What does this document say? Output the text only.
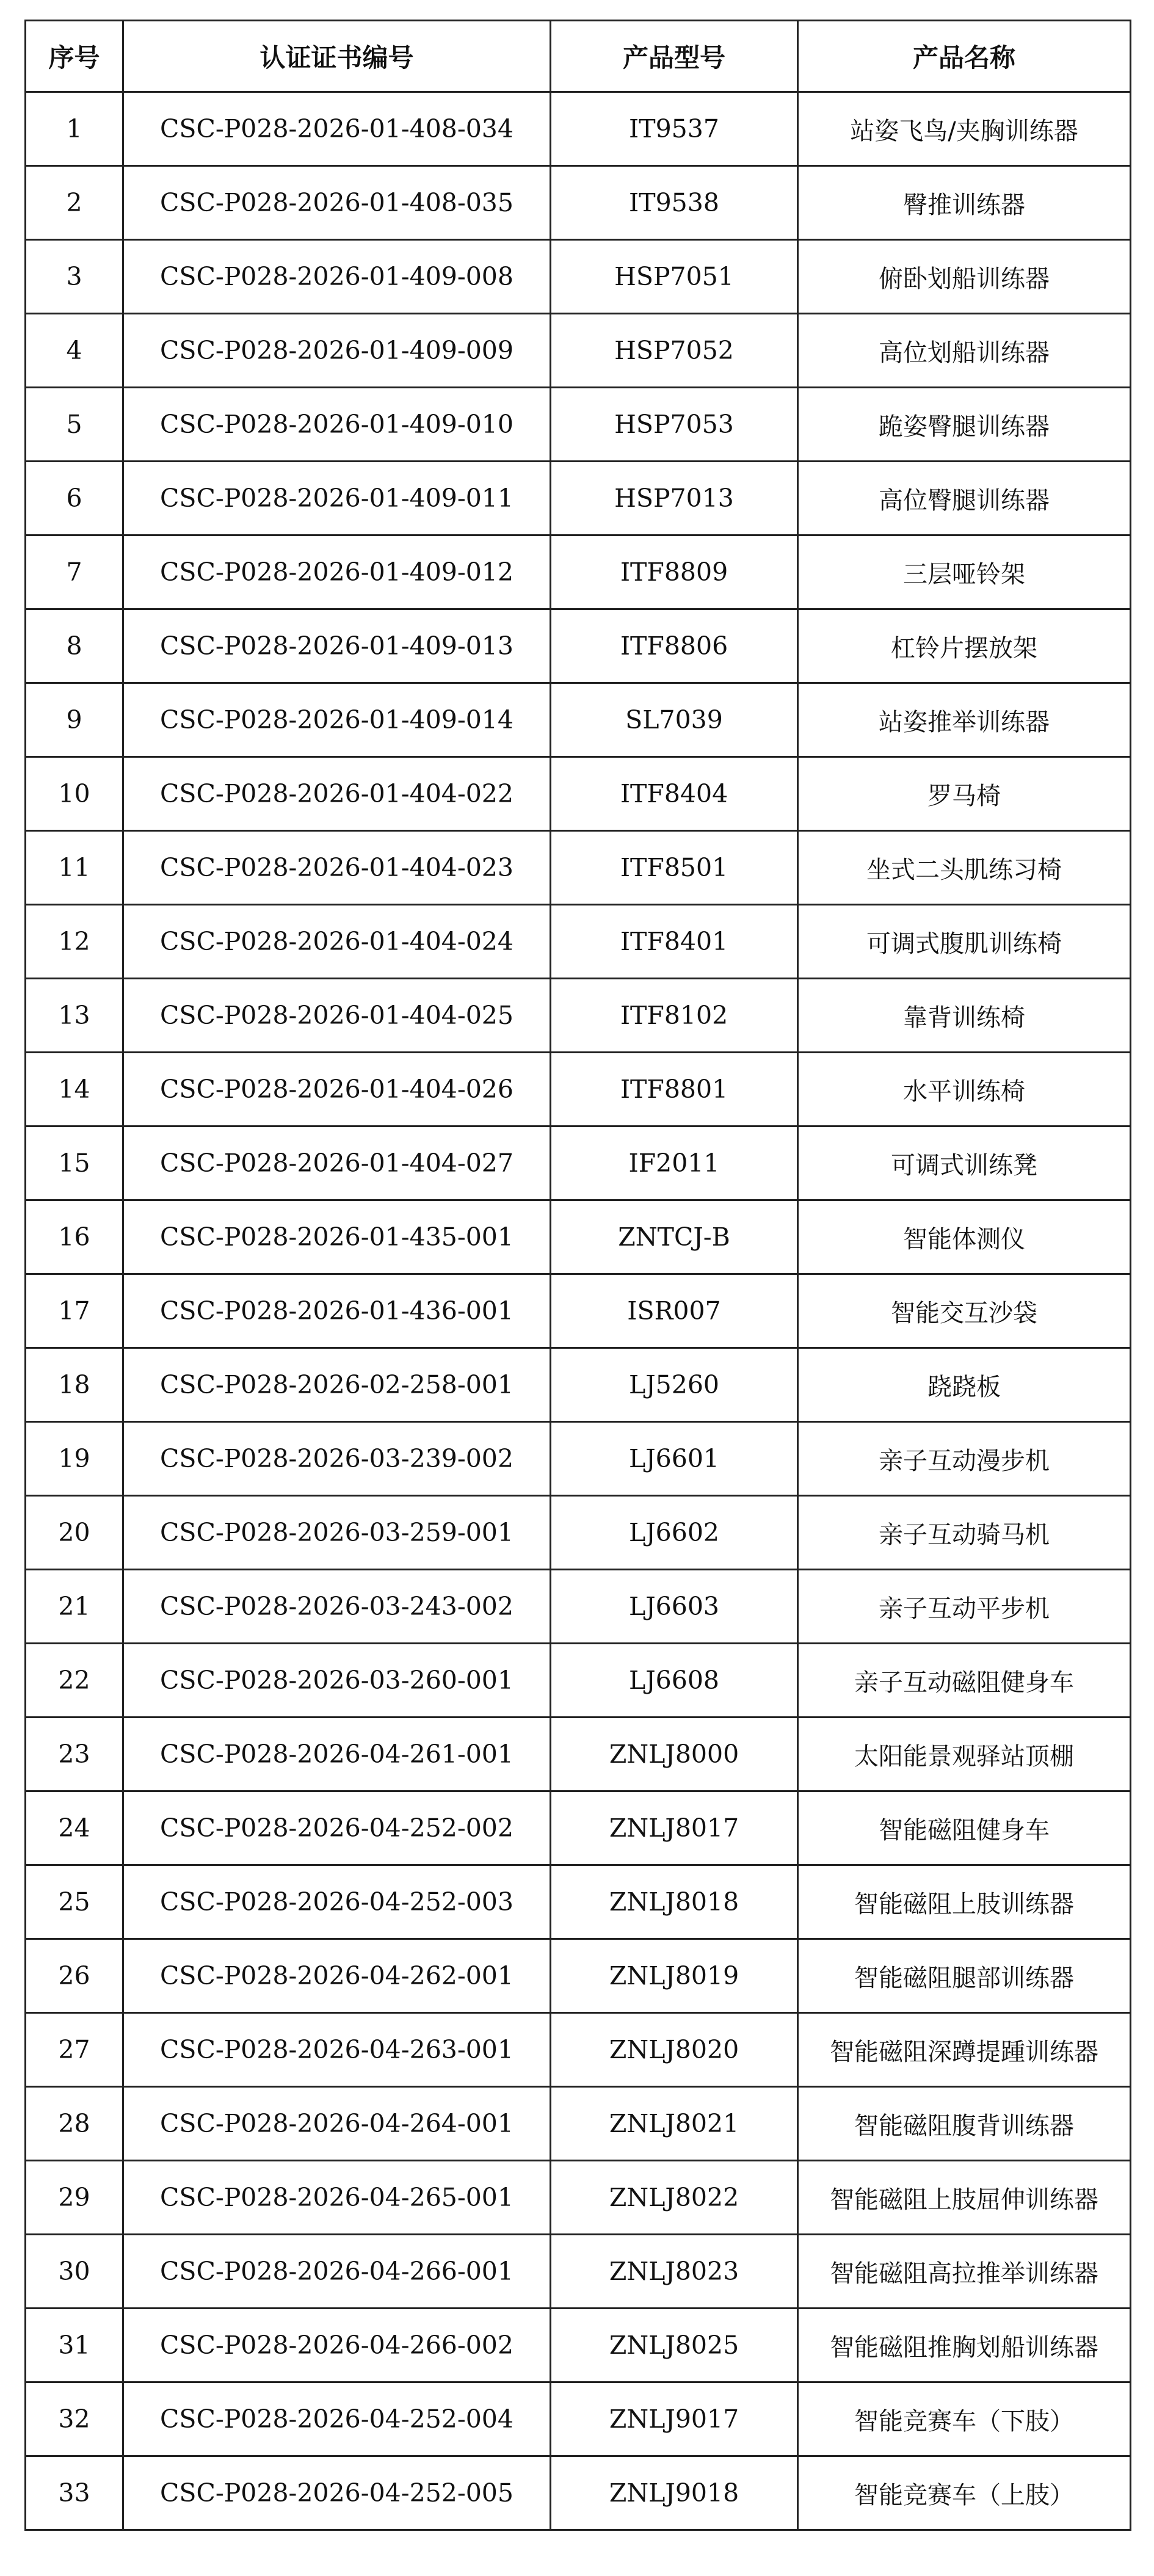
序号	认证证书编号	产品型号	产品名称
1	CSC-P028-2026-01-408-034	IT9537	站姿飞鸟/夹胸训练器
2	CSC-P028-2026-01-408-035	IT9538	臀推训练器
3	CSC-P028-2026-01-409-008	HSP7051	俯卧划船训练器
4	CSC-P028-2026-01-409-009	HSP7052	高位划船训练器
5	CSC-P028-2026-01-409-010	HSP7053	跪姿臀腿训练器
6	CSC-P028-2026-01-409-011	HSP7013	高位臀腿训练器
7	CSC-P028-2026-01-409-012	ITF8809	三层哑铃架
8	CSC-P028-2026-01-409-013	ITF8806	杠铃片摆放架
9	CSC-P028-2026-01-409-014	SL7039	站姿推举训练器
10	CSC-P028-2026-01-404-022	ITF8404	罗马椅
11	CSC-P028-2026-01-404-023	ITF8501	坐式二头肌练习椅
12	CSC-P028-2026-01-404-024	ITF8401	可调式腹肌训练椅
13	CSC-P028-2026-01-404-025	ITF8102	靠背训练椅
14	CSC-P028-2026-01-404-026	ITF8801	水平训练椅
15	CSC-P028-2026-01-404-027	IF2011	可调式训练凳
16	CSC-P028-2026-01-435-001	ZNTCJ-B	智能体测仪
17	CSC-P028-2026-01-436-001	ISR007	智能交互沙袋
18	CSC-P028-2026-02-258-001	LJ5260	跷跷板
19	CSC-P028-2026-03-239-002	LJ6601	亲子互动漫步机
20	CSC-P028-2026-03-259-001	LJ6602	亲子互动骑马机
21	CSC-P028-2026-03-243-002	LJ6603	亲子互动平步机
22	CSC-P028-2026-03-260-001	LJ6608	亲子互动磁阻健身车
23	CSC-P028-2026-04-261-001	ZNLJ8000	太阳能景观驿站顶棚
24	CSC-P028-2026-04-252-002	ZNLJ8017	智能磁阻健身车
25	CSC-P028-2026-04-252-003	ZNLJ8018	智能磁阻上肢训练器
26	CSC-P028-2026-04-262-001	ZNLJ8019	智能磁阻腿部训练器
27	CSC-P028-2026-04-263-001	ZNLJ8020	智能磁阻深蹲提踵训练器
28	CSC-P028-2026-04-264-001	ZNLJ8021	智能磁阻腹背训练器
29	CSC-P028-2026-04-265-001	ZNLJ8022	智能磁阻上肢屈伸训练器
30	CSC-P028-2026-04-266-001	ZNLJ8023	智能磁阻高拉推举训练器
31	CSC-P028-2026-04-266-002	ZNLJ8025	智能磁阻推胸划船训练器
32	CSC-P028-2026-04-252-004	ZNLJ9017	智能竞赛车（下肢）
33	CSC-P028-2026-04-252-005	ZNLJ9018	智能竞赛车（上肢）
